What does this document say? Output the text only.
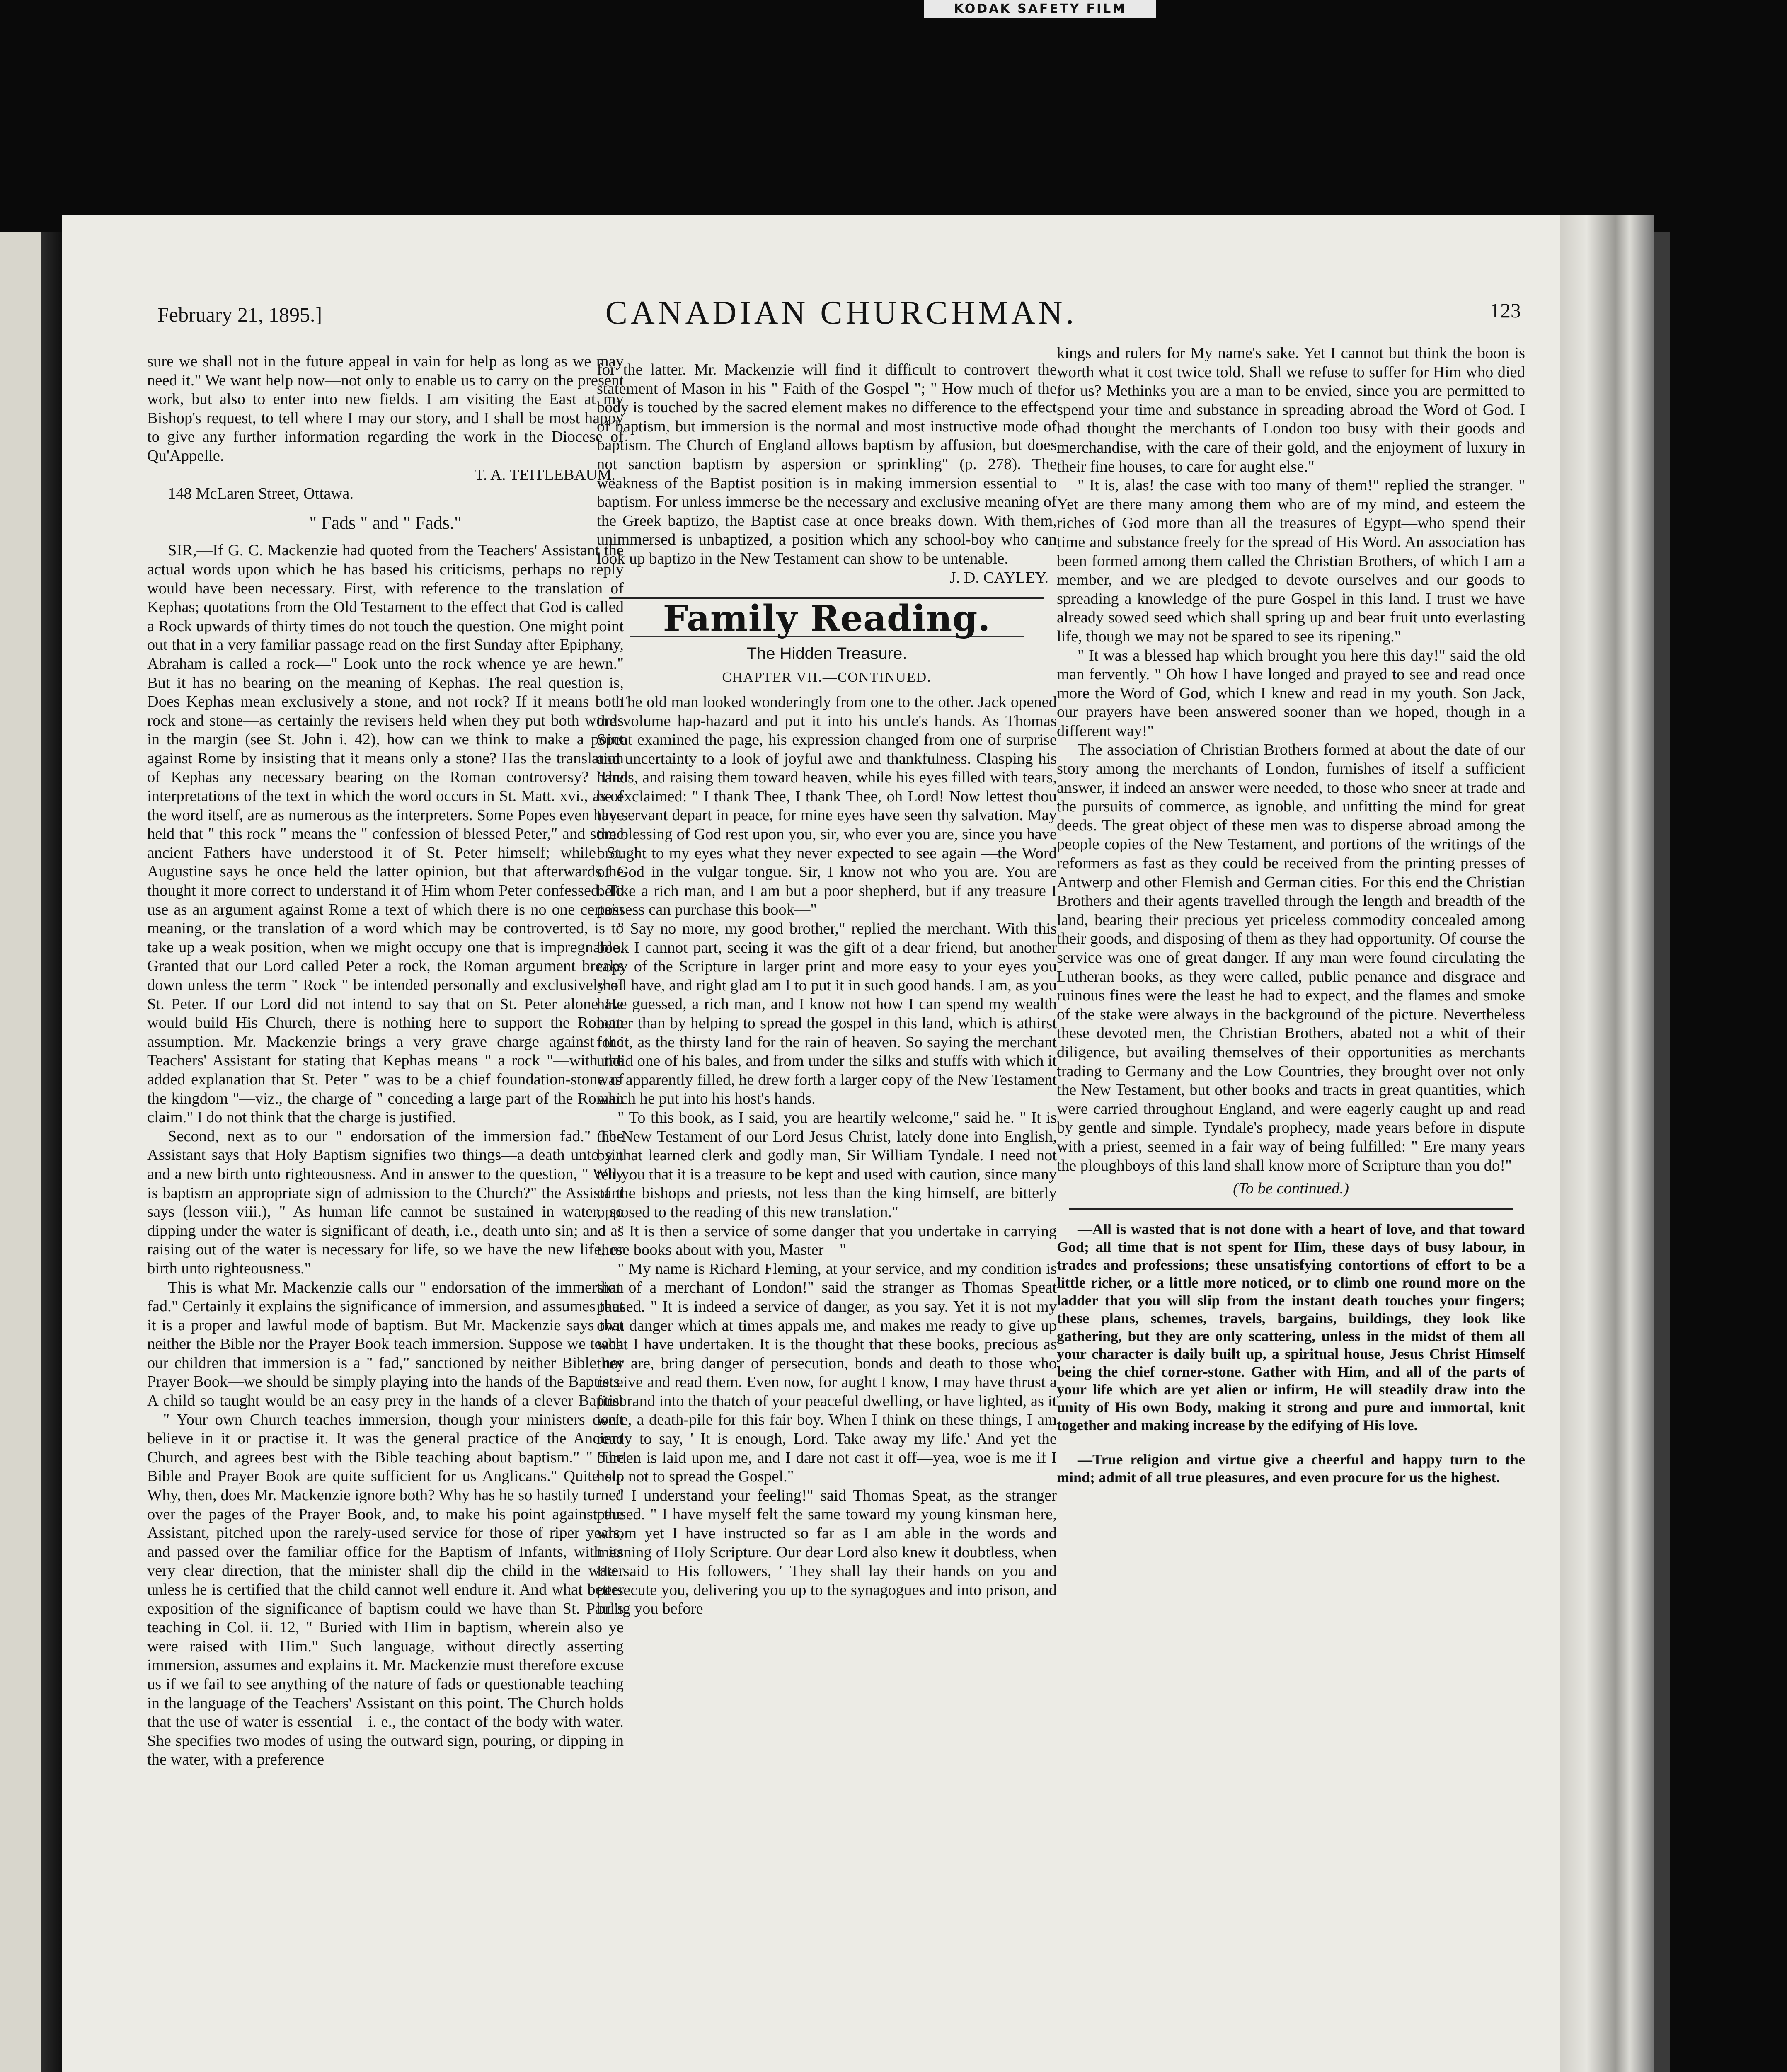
KODAK SAFETY FILM
February 21, 1895.]	CANADIAN CHURCHMAN.	123

sure we shall not in the future appeal in vain for help as long as we may need it." We want help now—not only to enable us to carry on the present work, but also to enter into new fields. I am visiting the East at my Bishop's request, to tell where I may our story, and I shall be most happy to give any further information regarding the work in the Diocese of Qu'Appelle.

T. A. TEITLEBAUM.

148 McLaren Street, Ottawa.

" Fads " and " Fads."

SIR,—If G. C. Mackenzie had quoted from the Teachers' Assistant the actual words upon which he has based his criticisms, perhaps no reply would have been necessary. First, with reference to the translation of Kephas; quotations from the Old Testament to the effect that God is called a Rock upwards of thirty times do not touch the question. One might point out that in a very familiar passage read on the first Sunday after Epiphany, Abraham is called a rock—" Look unto the rock whence ye are hewn." But it has no bearing on the meaning of Kephas. The real question is, Does Kephas mean exclusively a stone, and not rock? If it means both rock and stone—as certainly the revisers held when they put both words in the margin (see St. John i. 42), how can we think to make a point against Rome by insisting that it means only a stone? Has the translation of Kephas any necessary bearing on the Roman controversy? The interpretations of the text in which the word occurs in St. Matt. xvi., as of the word itself, are as numerous as the interpreters. Some Popes even have held that " this rock " means the " confession of blessed Peter," and some ancient Fathers have understood it of St. Peter himself; while St. Augustine says he once held the latter opinion, but that afterwards he thought it more correct to understand it of Him whom Peter confessed. To use as an argument against Rome a text of which there is no one certain meaning, or the translation of a word which may be controverted, is to take up a weak position, when we might occupy one that is impregnable. Granted that our Lord called Peter a rock, the Roman argument breaks down unless the term " Rock " be intended personally and exclusively of St. Peter. If our Lord did not intend to say that on St. Peter alone He would build His Church, there is nothing here to support the Roman assumption. Mr. Mackenzie brings a very grave charge against the Teachers' Assistant for stating that Kephas means " a rock "—with the added explanation that St. Peter " was to be a chief foundation-stone of the kingdom "—viz., the charge of " conceding a large part of the Roman claim." I do not think that the charge is justified.

Second, next as to our " endorsation of the immersion fad." The Assistant says that Holy Baptism signifies two things—a death unto sin and a new birth unto righteousness. And in answer to the question, " Why is baptism an appropriate sign of admission to the Church?" the Assistant says (lesson viii.), " As human life cannot be sustained in water, so dipping under the water is significant of death, i.e., death unto sin; and as raising out of the water is necessary for life, so we have the new life, or birth unto righteousness."

This is what Mr. Mackenzie calls our " endorsation of the immersion fad." Certainly it explains the significance of immersion, and assumes that it is a proper and lawful mode of baptism. But Mr. Mackenzie says that neither the Bible nor the Prayer Book teach immersion. Suppose we teach our children that immersion is a " fad," sanctioned by neither Bible nor Prayer Book—we should be simply playing into the hands of the Baptists. A child so taught would be an easy prey in the hands of a clever Baptist—" Your own Church teaches immersion, though your ministers don't believe in it or practise it. It was the general practice of the Ancient Church, and agrees best with the Bible teaching about baptism." " The Bible and Prayer Book are quite sufficient for us Anglicans." Quite so. Why, then, does Mr. Mackenzie ignore both? Why has he so hastily turned over the pages of the Prayer Book, and, to make his point against the Assistant, pitched upon the rarely-used service for those of riper years, and passed over the familiar office for the Baptism of Infants, with its very clear direction, that the minister shall dip the child in the water unless he is certified that the child cannot well endure it. And what better exposition of the significance of baptism could we have than St. Paul's teaching in Col. ii. 12, " Buried with Him in baptism, wherein also ye were raised with Him." Such language, without directly asserting immersion, assumes and explains it. Mr. Mackenzie must therefore excuse us if we fail to see anything of the nature of fads or questionable teaching in the language of the Teachers' Assistant on this point. The Church holds that the use of water is essential—i. e., the contact of the body with water. She specifies two modes of using the outward sign, pouring, or dipping in the water, with a preference

for the latter. Mr. Mackenzie will find it difficult to controvert the statement of Mason in his " Faith of the Gospel "; " How much of the body is touched by the sacred element makes no difference to the effect of baptism, but immersion is the normal and most instructive mode of baptism. The Church of England allows baptism by affusion, but does not sanction baptism by aspersion or sprinkling" (p. 278). The weakness of the Baptist position is in making immersion essential to baptism. For unless immerse be the necessary and exclusive meaning of the Greek baptizo, the Baptist case at once breaks down. With them, unimmersed is unbaptized, a position which any school-boy who can look up baptizo in the New Testament can show to be untenable.

J. D. CAYLEY.
Family Reading.
The Hidden Treasure.
CHAPTER VII.—CONTINUED.

The old man looked wonderingly from one to the other. Jack opened the volume hap-hazard and put it into his uncle's hands. As Thomas Speat examined the page, his expression changed from one of surprise and uncertainty to a look of joyful awe and thankfulness. Clasping his hands, and raising them toward heaven, while his eyes filled with tears, he exclaimed: " I thank Thee, I thank Thee, oh Lord! Now lettest thou thy servant depart in peace, for mine eyes have seen thy salvation. May the blessing of God rest upon you, sir, who ever you are, since you have brought to my eyes what they never expected to see again —the Word of God in the vulgar tongue. Sir, I know not who you are. You are belike a rich man, and I am but a poor shepherd, but if any treasure I possess can purchase this book—"

" Say no more, my good brother," replied the merchant. With this book I cannot part, seeing it was the gift of a dear friend, but another copy of the Scripture in larger print and more easy to your eyes you shall have, and right glad am I to put it in such good hands. I am, as you have guessed, a rich man, and I know not how I can spend my wealth better than by helping to spread the gospel in this land, which is athirst for it, as the thirsty land for the rain of heaven. So saying the merchant undid one of his bales, and from under the silks and stuffs with which it was apparently filled, he drew forth a larger copy of the New Testament which he put into his host's hands.

" To this book, as I said, you are heartily welcome," said he. " It is the New Testament of our Lord Jesus Christ, lately done into English, by that learned clerk and godly man, Sir William Tyndale. I need not tell you that it is a treasure to be kept and used with caution, since many of the bishops and priests, not less than the king himself, are bitterly opposed to the reading of this new translation."

" It is then a service of some danger that you undertake in carrying these books about with you, Master—"

" My name is Richard Fleming, at your service, and my condition is that of a merchant of London!" said the stranger as Thomas Speat paused. " It is indeed a service of danger, as you say. Yet it is not my own danger which at times appals me, and makes me ready to give up what I have undertaken. It is the thought that these books, precious as they are, bring danger of persecution, bonds and death to those who receive and read them. Even now, for aught I know, I may have thrust a firebrand into the thatch of your peaceful dwelling, or have lighted, as it were, a death-pile for this fair boy. When I think on these things, I am ready to say, ' It is enough, Lord. Take away my life.' And yet the burden is laid upon me, and I dare not cast it off—yea, woe is me if I help not to spread the Gospel."

" I understand your feeling!" said Thomas Speat, as the stranger paused. " I have myself felt the same toward my young kinsman here, whom yet I have instructed so far as I am able in the words and meaning of Holy Scripture. Our dear Lord also knew it doubtless, when He said to His followers, ' They shall lay their hands on you and persecute you, delivering you up to the synagogues and into prison, and bring you before

kings and rulers for My name's sake. Yet I cannot but think the boon is worth what it cost twice told. Shall we refuse to suffer for Him who died for us? Methinks you are a man to be envied, since you are permitted to spend your time and substance in spreading abroad the Word of God. I had thought the merchants of London too busy with their goods and merchandise, with the care of their gold, and the enjoyment of luxury in their fine houses, to care for aught else."

" It is, alas! the case with too many of them!" replied the stranger. " Yet are there many among them who are of my mind, and esteem the riches of God more than all the treasures of Egypt—who spend their time and substance freely for the spread of His Word. An association has been formed among them called the Christian Brothers, of which I am a member, and we are pledged to devote ourselves and our goods to spreading a knowledge of the pure Gospel in this land. I trust we have already sowed seed which shall spring up and bear fruit unto everlasting life, though we may not be spared to see its ripening."

" It was a blessed hap which brought you here this day!" said the old man fervently. " Oh how I have longed and prayed to see and read once more the Word of God, which I knew and read in my youth. Son Jack, our prayers have been answered sooner than we hoped, though in a different way!"

The association of Christian Brothers formed at about the date of our story among the merchants of London, furnishes of itself a sufficient answer, if indeed an answer were needed, to those who sneer at trade and the pursuits of commerce, as ignoble, and unfitting the mind for great deeds. The great object of these men was to disperse abroad among the people copies of the New Testament, and portions of the writings of the reformers as fast as they could be received from the printing presses of Antwerp and other Flemish and German cities. For this end the Christian Brothers and their agents travelled through the length and breadth of the land, bearing their precious yet priceless commodity concealed among their goods, and disposing of them as they had opportunity. Of course the service was one of great danger. If any man were found circulating the Lutheran books, as they were called, public penance and disgrace and ruinous fines were the least he had to expect, and the flames and smoke of the stake were always in the background of the picture. Nevertheless these devoted men, the Christian Brothers, abated not a whit of their diligence, but availing themselves of their opportunities as merchants trading to Germany and the Low Countries, they brought over not only the New Testament, but other books and tracts in great quantities, which were carried throughout England, and were eagerly caught up and read by gentle and simple. Tyndale's prophecy, made years before in dispute with a priest, seemed in a fair way of being fulfilled: " Ere many years the ploughboys of this land shall know more of Scripture than you do!"

(To be continued.)

—All is wasted that is not done with a heart of love, and that toward God; all time that is not spent for Him, these days of busy labour, in trades and professions; these unsatisfying contortions of effort to be a little richer, or a little more noticed, or to climb one round more on the ladder that you will slip from the instant death touches your fingers; these plans, schemes, travels, bargains, buildings, they look like gathering, but they are only scattering, unless in the midst of them all your character is daily built up, a spiritual house, Jesus Christ Himself being the chief corner-stone. Gather with Him, and all of the parts of your life which are yet alien or infirm, He will steadily draw into the unity of His own Body, making it strong and pure and immortal, knit together and making increase by the edifying of His love.

—True religion and virtue give a cheerful and happy turn to the mind; admit of all true pleasures, and even procure for us the highest.
